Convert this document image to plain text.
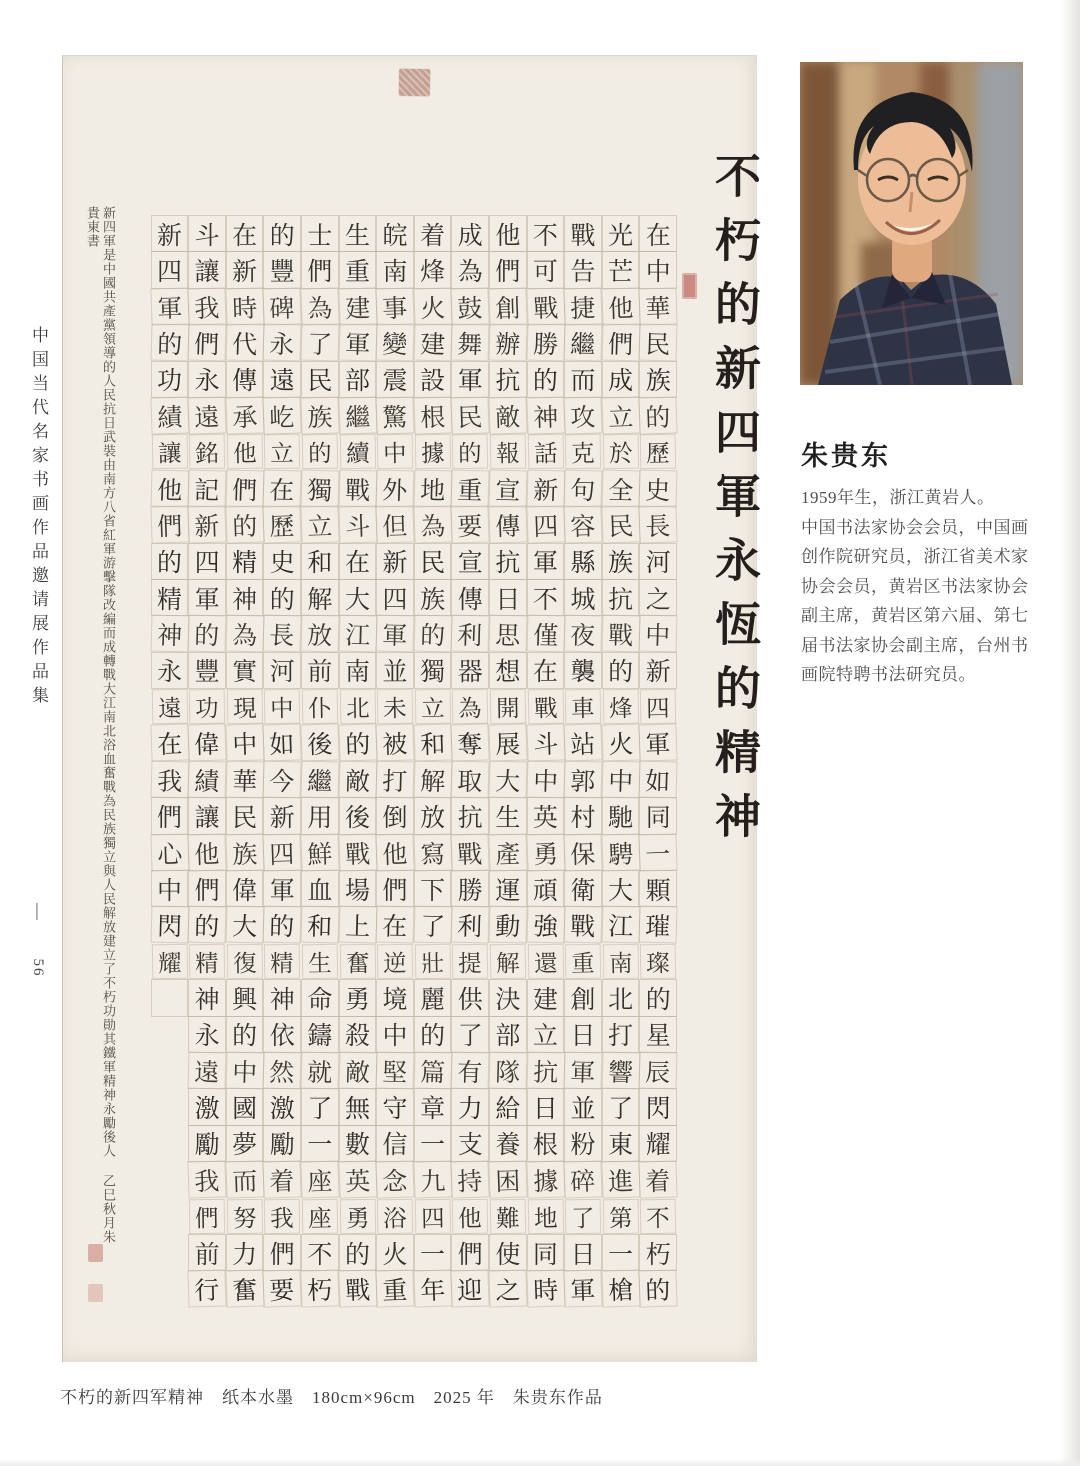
中国当代名家书画作品邀请展作品集 — 56	新四軍是中國共產黨領導的人民抗日武裝由南方八省紅軍游擊隊改編而成轉戰大江南北浴血奮戰為民族獨立與人民解放建立了不朽功勛其鐵軍精神永勵後人 乙巳秋月朱貴東書	在
中
華
民
族
的
歷
史
長
河
之
中
新
四
軍
如
同
一
顆
璀
璨
的
星
辰
閃
耀
着
不
朽
的
光
芒
他
們
成
立
於
全
民
族
抗
戰
的
烽
火
中
馳
騁
大
江
南
北
打
響
了
東
進
第
一
槍
戰
告
捷
繼
而
攻
克
句
容
縣
城
夜
襲
車
站
郭
村
保
衛
戰
重
創
日
軍
並
粉
碎
了
日
軍
不
可
戰
勝
的
神
話
新
四
軍
不
僅
在
戰
斗
中
英
勇
頑
強
還
建
立
抗
日
根
據
地
同
時
他
們
創
辦
抗
敵
報
宣
傳
抗
日
思
想
開
展
大
生
產
運
動
解
決
部
隊
給
養
困
難
使
之
成
為
鼓
舞
軍
民
的
重
要
宣
傳
利
器
為
奪
取
抗
戰
勝
利
提
供
了
有
力
支
持
他
們
迎
着
烽
火
建
設
根
據
地
為
民
族
的
獨
立
和
解
放
寫
下
了
壯
麗
的
篇
章
一
九
四
一
年
皖
南
事
變
震
驚
中
外
但
新
四
軍
並
未
被
打
倒
他
們
在
逆
境
中
堅
守
信
念
浴
火
重
生
重
建
軍
部
繼
續
戰
斗
在
大
江
南
北
的
敵
後
戰
場
上
奮
勇
殺
敵
無
數
英
勇
的
戰
士
們
為
了
民
族
的
獨
立
和
解
放
前
仆
後
繼
用
鮮
血
和
生
命
鑄
就
了
一
座
座
不
朽
的
豐
碑
永
遠
屹
立
在
歷
史
的
長
河
中
如
今
新
四
軍
的
精
神
依
然
激
勵
着
我
們
要
在
新
時
代
傳
承
他
們
的
精
神
為
實
現
中
華
民
族
偉
大
復
興
的
中
國
夢
而
努
力
奮
斗
讓
我
們
永
遠
銘
記
新
四
軍
的
豐
功
偉
績
讓
他
們
的
精
神
永
遠
激
勵
我
們
前
行
新
四
軍
的
功
績
讓
他
們
的
精
神
永
遠
在
我
們
心
中
閃
耀
不朽的新四軍永恆的精神 朱贵东
1959年生，浙江黄岩人。
中国书法家协会会员，中国画
创作院研究员，浙江省美术家
协会会员，黄岩区书法家协会
副主席，黄岩区第六届、第七
届书法家协会副主席，台州书
画院特聘书法研究员。
不朽的新四军精神　纸本水墨　180cm×96cm　2025 年　朱贵东作品
